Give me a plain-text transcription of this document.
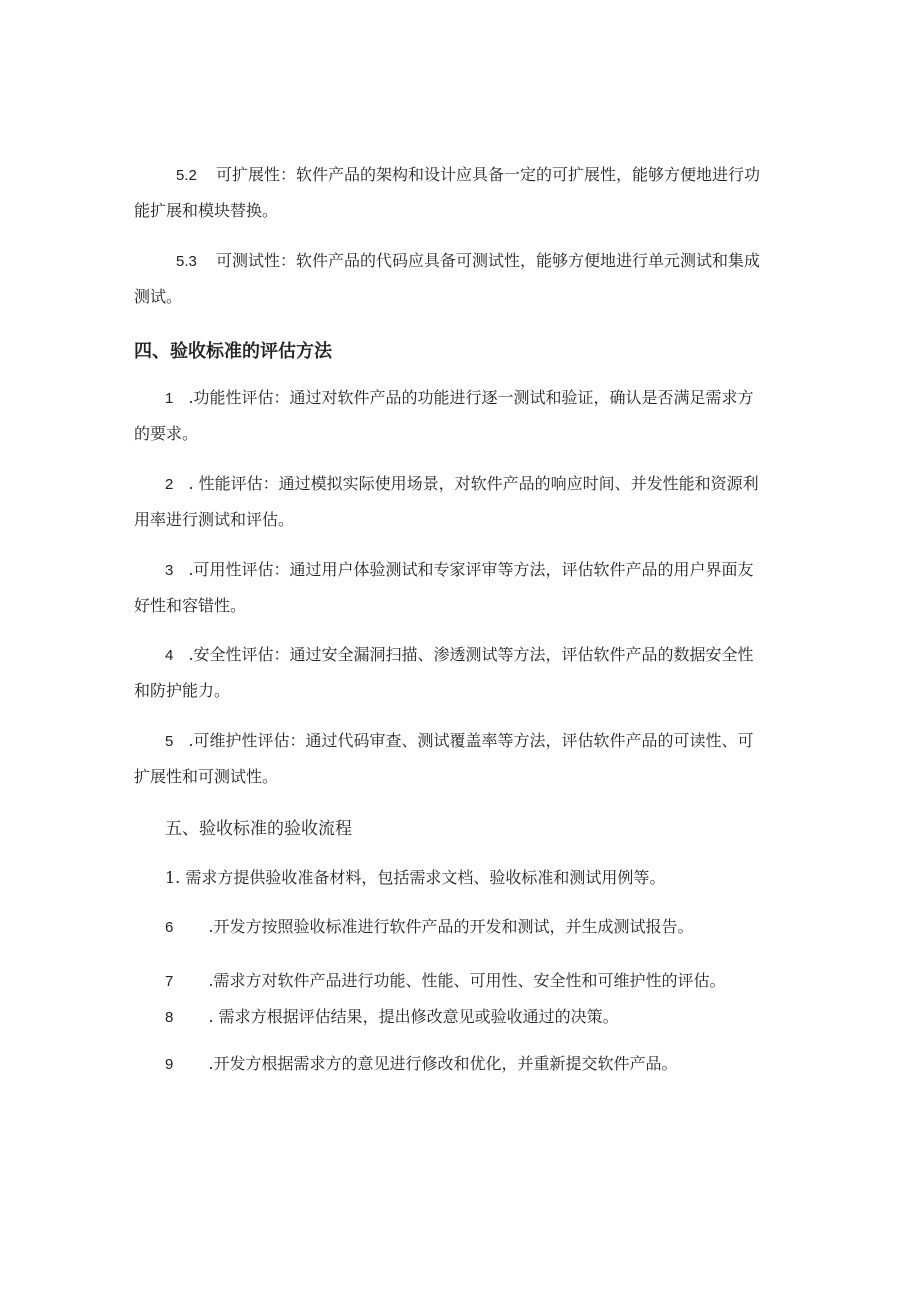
5.2 可扩展性：软件产品的架构和设计应具备一定的可扩展性，能够方便地进行功
能扩展和模块替换。
5.3 可测试性：软件产品的代码应具备可测试性，能够方便地进行单元测试和集成
测试。
四、验收标准的评估方法
1 .功能性评估：通过对软件产品的功能进行逐一测试和验证，确认是否满足需求方
的要求。
2 . 性能评估：通过模拟实际使用场景，对软件产品的响应时间、并发性能和资源利
用率进行测试和评估。
3 .可用性评估：通过用户体验测试和专家评审等方法，评估软件产品的用户界面友
好性和容错性。
4 .安全性评估：通过安全漏洞扫描、渗透测试等方法，评估软件产品的数据安全性
和防护能力。
5 .可维护性评估：通过代码审查、测试覆盖率等方法，评估软件产品的可读性、可
扩展性和可测试性。
五、验收标准的验收流程
1. 需求方提供验收准备材料，包括需求文档、验收标准和测试用例等。
6 .开发方按照验收标准进行软件产品的开发和测试，并生成测试报告。
7 .需求方对软件产品进行功能、性能、可用性、安全性和可维护性的评估。
8 . 需求方根据评估结果，提出修改意见或验收通过的决策。
9 .开发方根据需求方的意见进行修改和优化，并重新提交软件产品。
